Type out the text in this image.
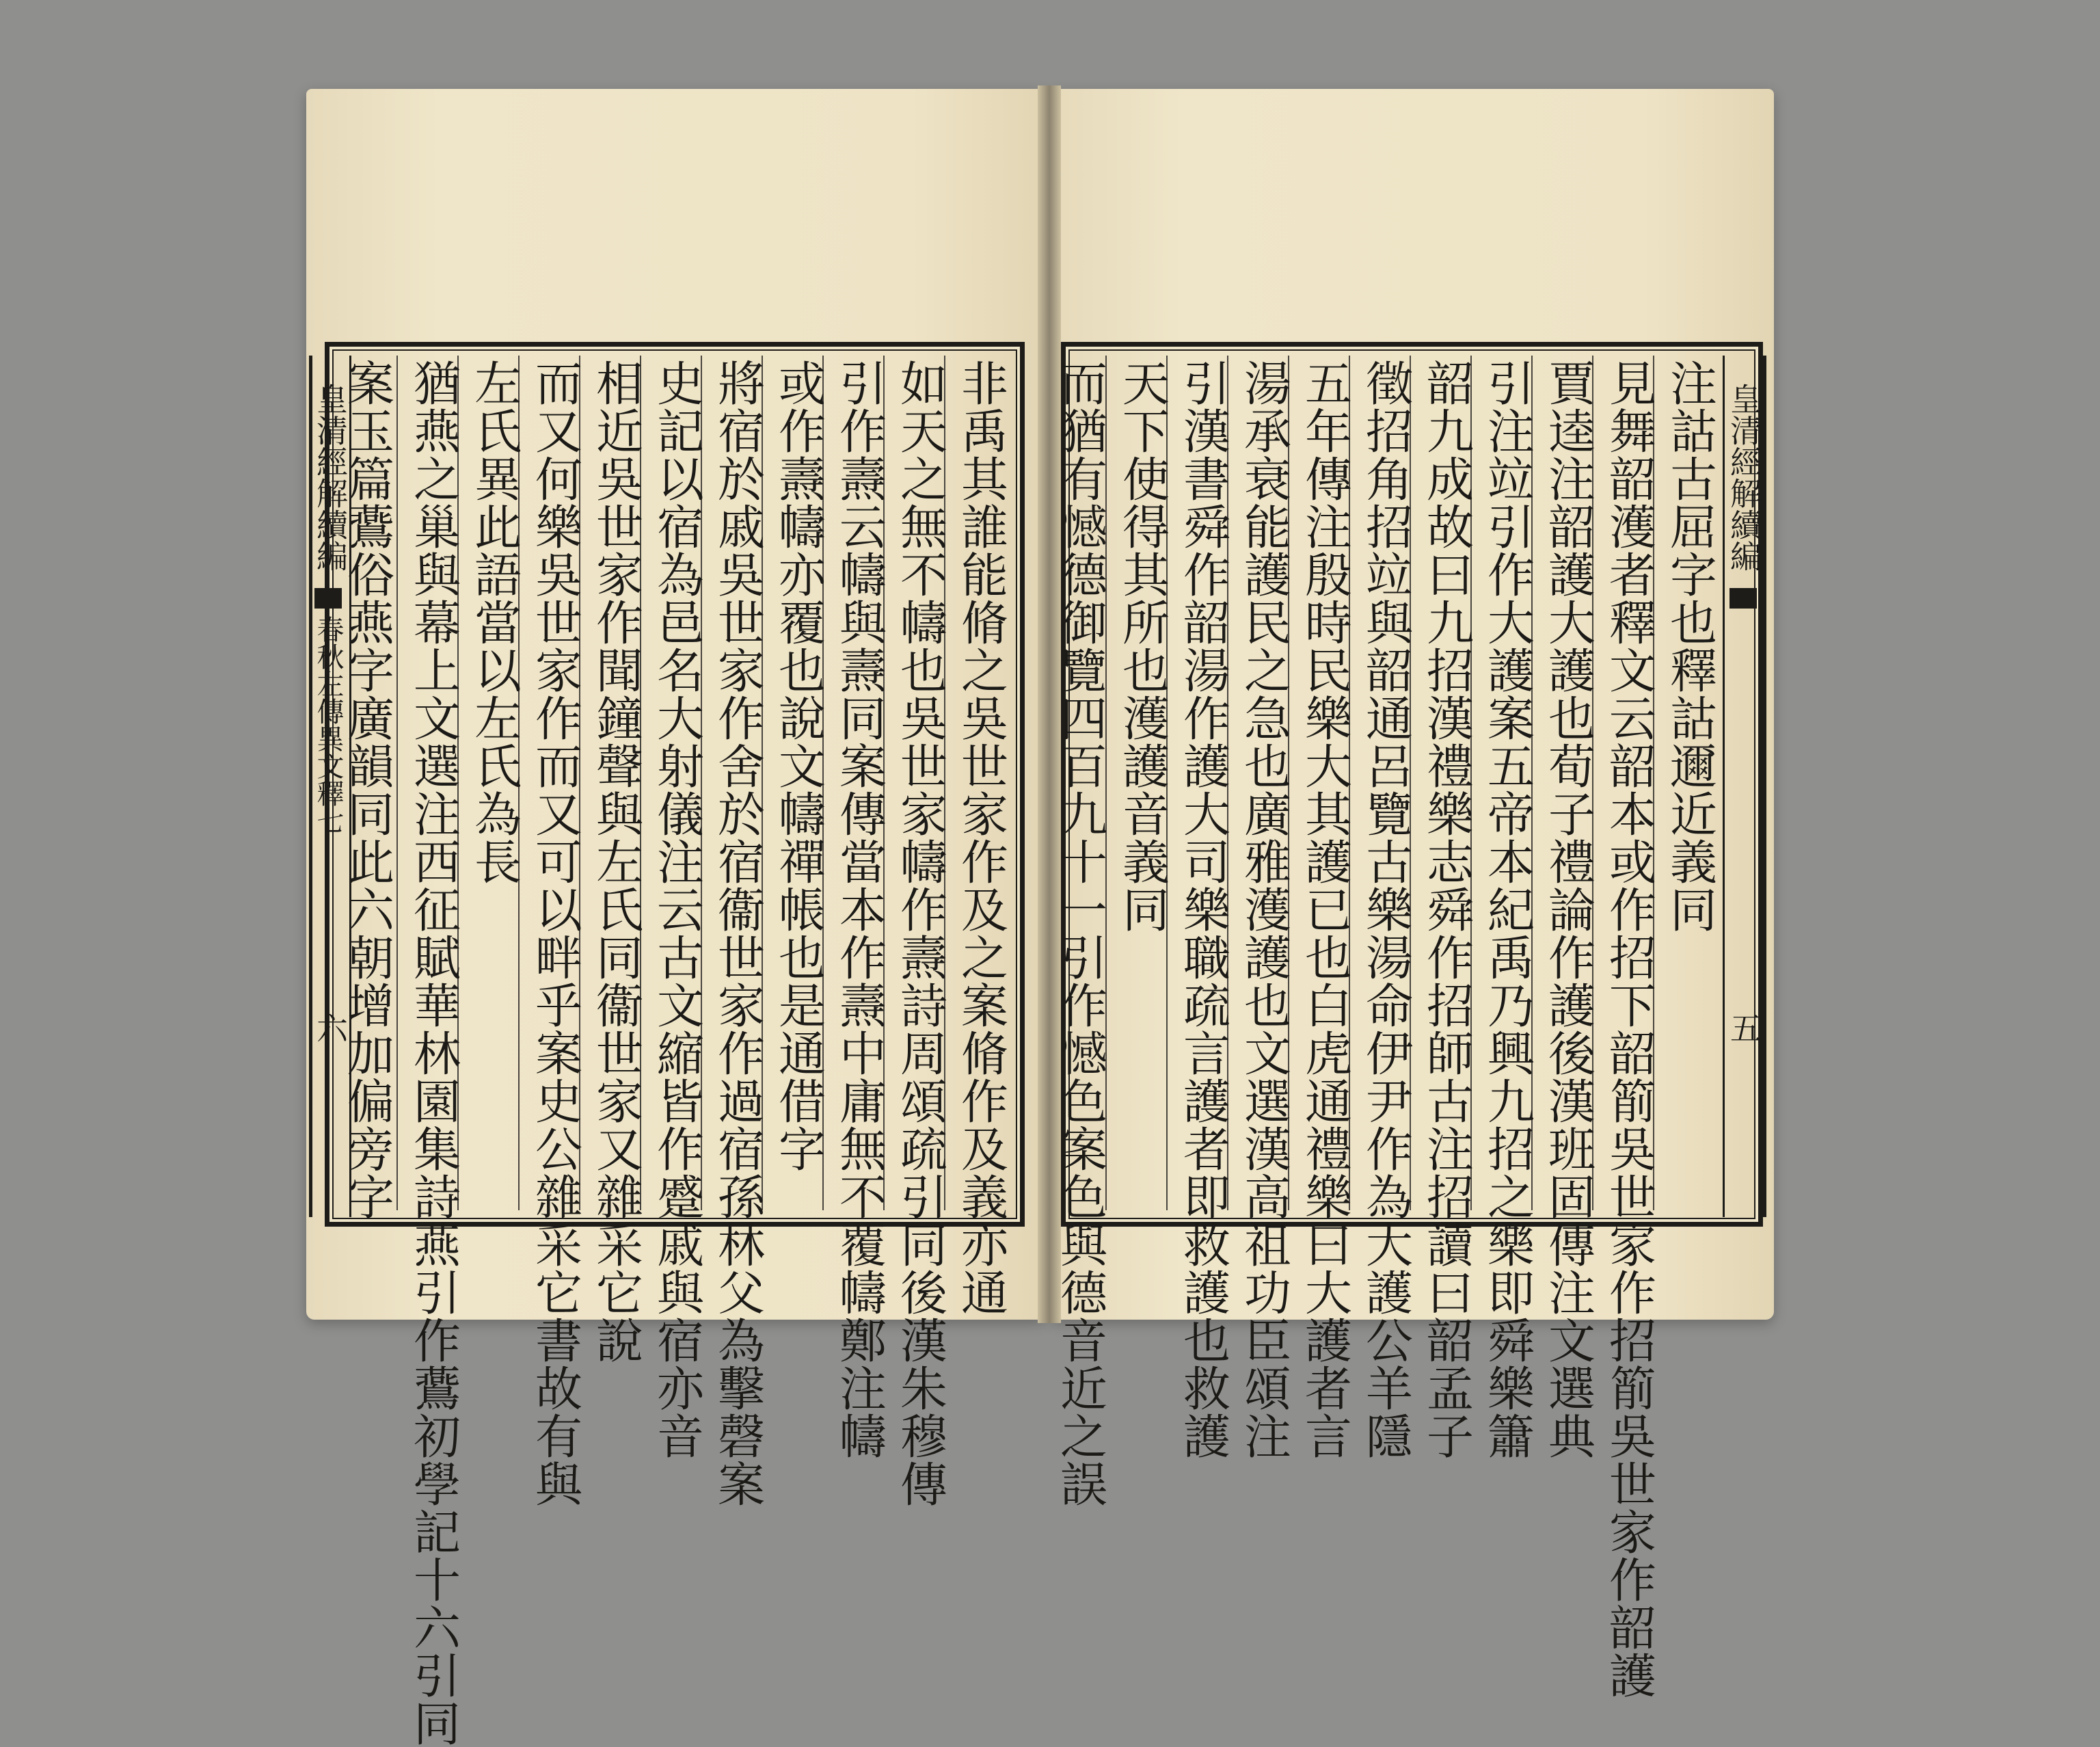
皇清經解續編
春秋左傳異文釋七
六	非禹其誰能脩之吳世家作及之案脩作及義亦通
如天之無不幬也吳世家幬作燾詩周頌疏引同後漢朱穆傳
引作燾云幬與燾同案傳當本作燾中庸無不覆幬鄭注幬
或作燾幬亦覆也說文幬禪帳也是通借字
將宿於戚吳世家作舍於宿衞世家作過宿孫林父為擊磬案
史記以宿為邑名大射儀注云古文縮皆作蹙戚與宿亦音
相近吳世家作聞鐘聲與左氏同衞世家又雜采它說
而又何樂吳世家作而又可以畔乎案史公雜采它書故有與
左氏異此語當以左氏為長
猶燕之巢與幕上文選注西征賦華林園集詩燕引作鷰初學記十六引同
案玉篇鷰俗燕字廣韻同此六朝增加偏旁字	皇清經解續編
五
注詁古屈字也釋詁邇近義同
見舞韶濩者釋文云韶本或作招下韶箾吳世家作招箾吳世家作韶護
賈逵注韶護大護也荀子禮論作護後漢班固傳注文選典
引注竝引作大護案五帝本紀禹乃興九招之樂即舜樂簫
韶九成故曰九招漢禮樂志舜作招師古注招讀曰韶孟子
徵招角招竝與韶通呂覽古樂湯命伊尹作為大護公羊隱
五年傳注殷時民樂大其護已也白虎通禮樂曰大護者言
湯承衰能護民之急也廣雅濩護也文選漢高祖功臣頌注
引漢書舜作韶湯作護大司樂職疏言護者即救護也救護
天下使得其所也濩護音義同
而猶有憾德御覽四百九十一引作憾色案色與德音近之誤
